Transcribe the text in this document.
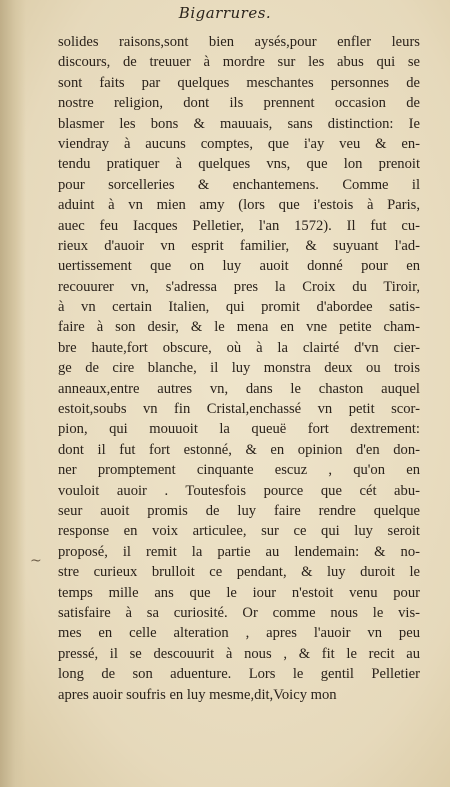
Bigarrures.
~
solides raisons,sont bien aysés,pour enfler leurs
discours, de treuuer à mordre sur les abus qui se
sont faits par quelques meschantes personnes de
nostre religion, dont ils prennent occasion de
blasmer les bons & mauuais, sans distinction: Ie
viendray à aucuns comptes, que i'ay veu & en-
tendu pratiquer à quelques vns, que lon prenoit
pour sorcelleries & enchantemens. Comme il
aduint à vn mien amy (lors que i'estois à Paris,
auec feu Iacques Pelletier, l'an 1572). Il fut cu-
rieux d'auoir vn esprit familier, & suyuant l'ad-
uertissement que on luy auoit donné pour en
recouurer vn, s'adressa pres la Croix du Tiroir,
à vn certain Italien, qui promit d'abordee satis-
faire à son desir, & le mena en vne petite cham-
bre haute,fort obscure, où à la clairté d'vn cier-
ge de cire blanche, il luy monstra deux ou trois
anneaux,entre autres vn, dans le chaston auquel
estoit,soubs vn fin Cristal,enchassé vn petit scor-
pion, qui mouuoit la queuë fort dextrement:
dont il fut fort estonné, & en opinion d'en don-
ner promptement cinquante escuz , qu'on en
vouloit auoir . Toutesfois pource que cét abu-
seur auoit promis de luy faire rendre quelque
response en voix articulee, sur ce qui luy seroit
proposé, il remit la partie au lendemain: & no-
stre curieux brulloit ce pendant, & luy duroit le
temps mille ans que le iour n'estoit venu pour
satisfaire à sa curiosité. Or comme nous le vis-
mes en celle alteration , apres l'auoir vn peu
pressé, il se descouurit à nous , & fit le recit au
long de son aduenture. Lors le gentil Pelletier
apres auoir soufris en luy mesme,dit,Voicy mon
